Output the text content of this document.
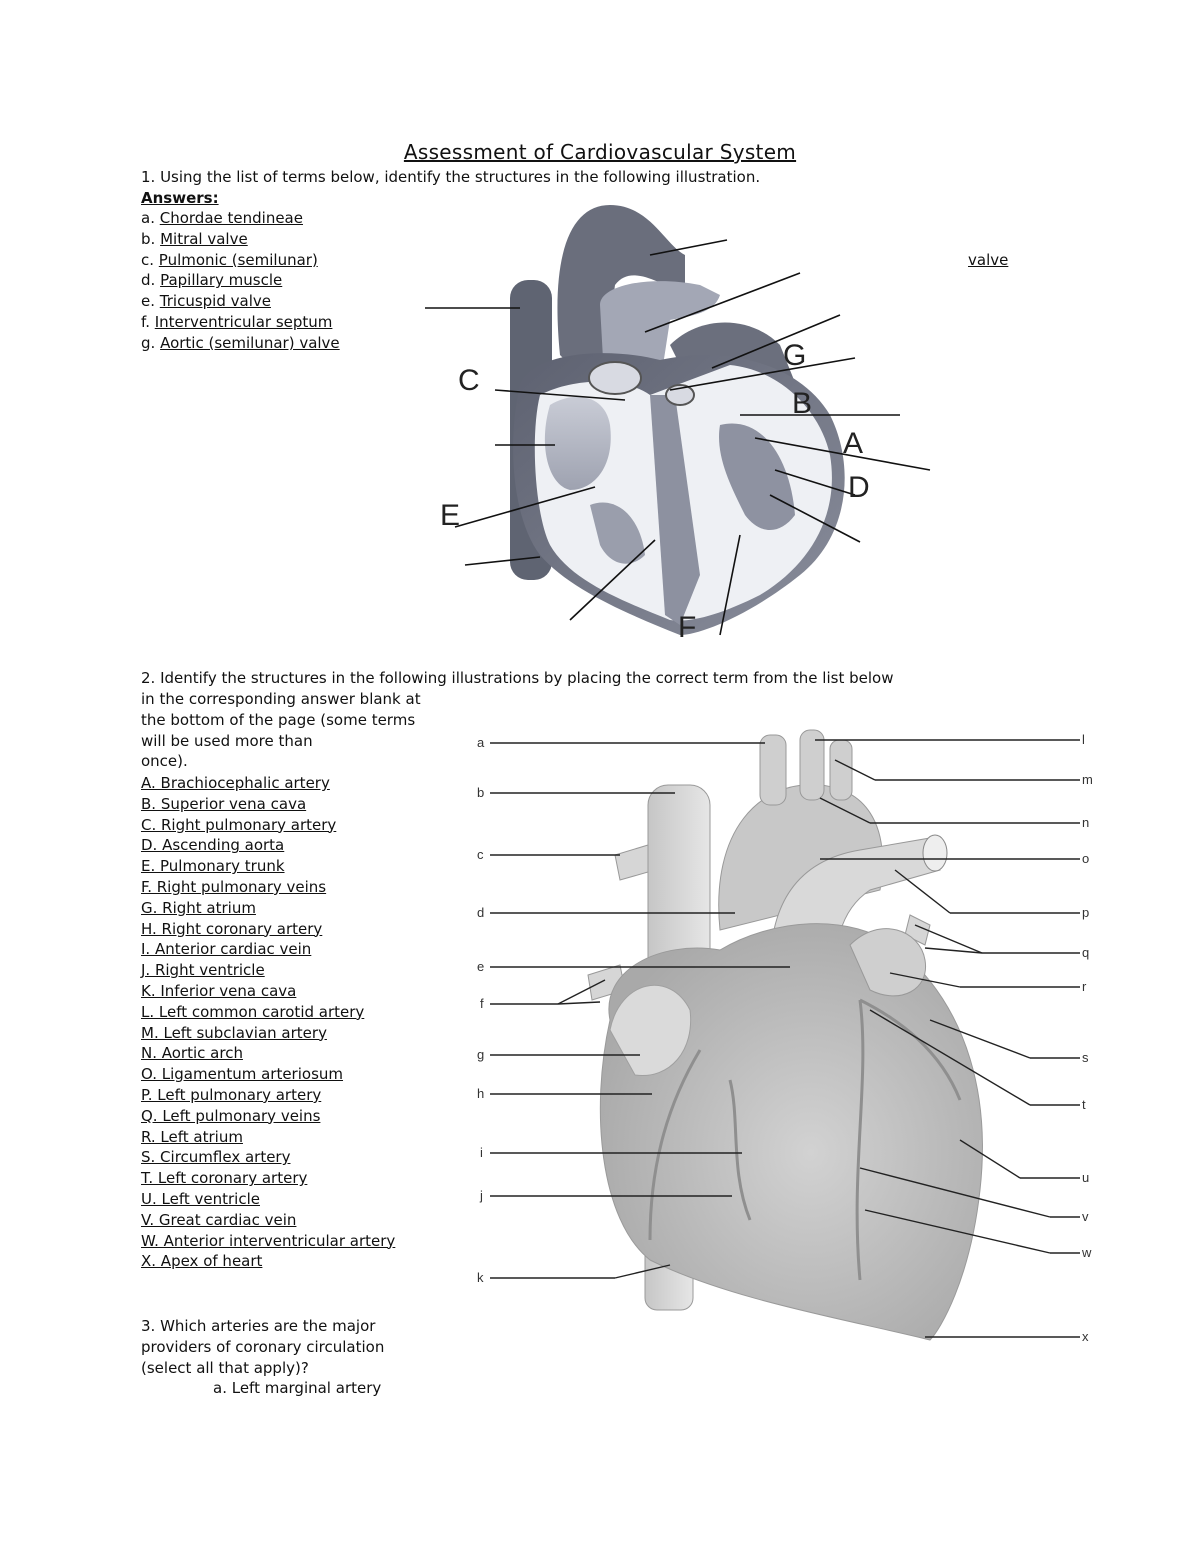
Assessment of Cardiovascular System
1. Using the list of terms below, identify the structures in the following illustration.
Answers:
a. Chordae tendineae
b. Mitral valve
c. Pulmonic (semilunar)
d. Papillary muscle
e. Tricuspid valve
f. Interventricular septum
g. Aortic (semilunar) valve
valve
C
G
B
A
D
E
F
2. Identify the structures in the following illustrations by placing the correct term from the list below
in the corresponding answer blank at
the bottom of the page (some terms
will be used more than
once).
A. Brachiocephalic artery
B. Superior vena cava
C. Right pulmonary artery
D. Ascending aorta
E. Pulmonary trunk
F. Right pulmonary veins
G. Right atrium
H. Right coronary artery
I. Anterior cardiac vein
J. Right ventricle
K. Inferior vena cava
L. Left common carotid artery
M. Left subclavian artery
N. Aortic arch
O. Ligamentum arteriosum
P. Left pulmonary artery
Q. Left pulmonary veins
R. Left atrium
S. Circumflex artery
T. Left coronary artery
U. Left ventricle
V. Great cardiac vein
W. Anterior interventricular artery
X. Apex of heart
a
b
c
d
e
f
g
h
i
j
k
l
m
n
o
p
q
r
s
t
u
v
w
x
3. Which arteries are the major
providers of coronary circulation
(select all that apply)?
a. Left marginal artery
